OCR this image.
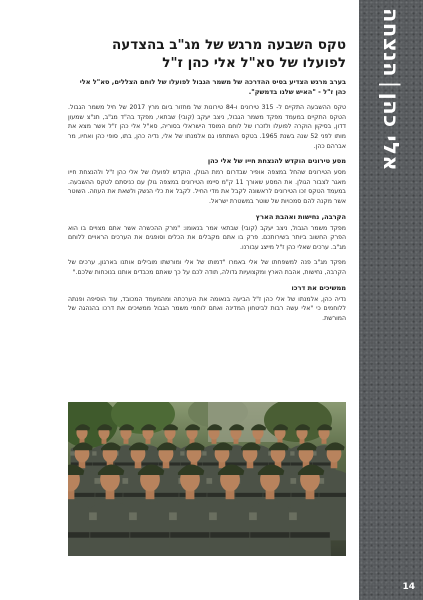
אלי כהן|הנצחה
14
טקס השבעה מרגש של מג"ב בהצדעה לפועלו של סא"ל אלי כהן ז"ל

בערב מרגש הצדיע בסיס ההדרכה של משמר הגבול לפועלו של לוחם הצללים, סא"ל אלי כהן ז"ל - "האיש שלנו בדמשק".

טקס ההשבעה התקיים ל- 315 טירונים ו-84 טירונות של מחזור ביום מרץ 2017 של חיל משמר הגבול. הטקס התקיים במעמד מפקד משמר הגבול, ניצב יעקב (קובי) שבתאי, מפקד בה"ד מג"ב, תנ"צ שמעון דדון, בסיקון הוקרה לפועלו ולזכרו של לוחם המוסד הישראלי בסוריה, סא"ל אלי כהן ז"ל אשר מצא את מותו לפני 52 שנה בשנת 1965. בטקס השתתפו גם אלמנתו של אלי, נדיה כהן, בתו, סופי כהן ואחיו, מר אברהם כהן.

מסע טירונים הוקדש להנצחת חייו של אלי כהן

מסע הטירונים שהחל במצפה אופיר שבדרום רמת הגולן, הוקדש לפועלו של אלי כהן ז"ל ולהנצחת חייו מאגר לצבור הגולן. את המסע שאורך 11 ק"מ סיימו הטירונים במצפה גולן עם כניסתם לטקס ההשבעה. במעמד הטקס זכו הטירונים לראשונה לקבל את מדי החיל. לקבל את כלי הנשק ולשאת את העוזה. השוטר אשר מקנה להם סמכויות של שוטר במשטרת ישראל.

הקרבה, נחישות ואהבת הארץ

מפקד משמר הגבול, ניצב יעקב (קובי) שבתאי אמר בנאומו: "מרק ההכשרה אשר אתם מצויים בו הוא הפרק החשוב ביותר בשירותכם. פרק בו אתם מקבלים את הכלים וסופגים את הערכים הראויים ללוחם מג"ב. ערכים שאלי כהן ז"ל מייצג עבורנו.

מפקד מג"ב פנה למשפחתו של אלי באמרו "דמותו של אלי ומורשתו מובילים אותנו בארגון, ערכים של הקרבה, נחישות, אהבת הארץ ומקצועיות גדולה, תודה לכם על כך שאתם מכבדים אותנו בנוכחות שלכם."

ממשיכים את דרכו

נדיה כהן, אלמנתו של אלי כהן ז"ל הביעה בנאומה את הערכתה ומהמעמד המכובד, עוד הוסיפה ופנתה ללוחמים כי "אלי עשה רבות לביטחון המדינה ואתם לוחמי משמר הגבול ממשיכים את דרכו בהנהגה של המורשת.
